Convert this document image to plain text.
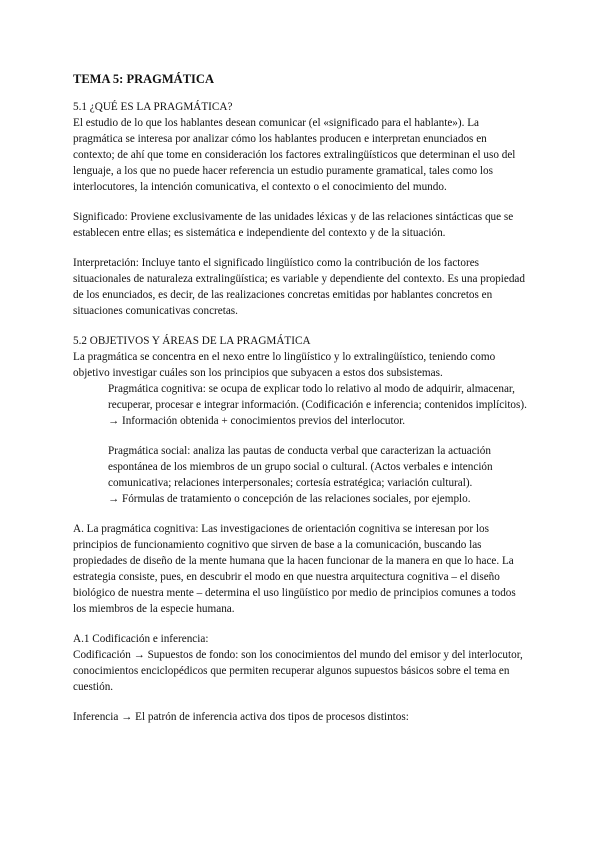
TEMA 5: PRAGMÁTICA

5.1 ¿QUÉ ES LA PRAGMÁTICA?

El estudio de lo que los hablantes desean comunicar (el «significado para el hablante»). La pragmática se interesa por analizar cómo los hablantes producen e interpretan enunciados en contexto; de ahí que tome en consideración los factores extralingüísticos que determinan el uso del lenguaje, a los que no puede hacer referencia un estudio puramente gramatical, tales como los interlocutores, la intención comunicativa, el contexto o el conocimiento del mundo.

Significado: Proviene exclusivamente de las unidades léxicas y de las relaciones sintácticas que se establecen entre ellas; es sistemática e independiente del contexto y de la situación.

Interpretación: Incluye tanto el significado lingüístico como la contribución de los factores situacionales de naturaleza extralingüística; es variable y dependiente del contexto. Es una propiedad de los enunciados, es decir, de las realizaciones concretas emitidas por hablantes concretos en situaciones comunicativas concretas.

5.2 OBJETIVOS Y ÁREAS DE LA PRAGMÁTICA

La pragmática se concentra en el nexo entre lo lingüístico y lo extralingüístico, teniendo como objetivo investigar cuáles son los principios que subyacen a estos dos subsistemas.

Pragmática cognitiva: se ocupa de explicar todo lo relativo al modo de adquirir, almacenar, recuperar, procesar e integrar información. (Codificación e inferencia; contenidos implícitos).

→ Información obtenida + conocimientos previos del interlocutor.

Pragmática social: analiza las pautas de conducta verbal que caracterizan la actuación espontánea de los miembros de un grupo social o cultural. (Actos verbales e intención comunicativa; relaciones interpersonales; cortesía estratégica; variación cultural).

→ Fórmulas de tratamiento o concepción de las relaciones sociales, por ejemplo.

A. La pragmática cognitiva: Las investigaciones de orientación cognitiva se interesan por los principios de funcionamiento cognitivo que sirven de base a la comunicación, buscando las propiedades de diseño de la mente humana que la hacen funcionar de la manera en que lo hace. La estrategia consiste, pues, en descubrir el modo en que nuestra arquitectura cognitiva – el diseño biológico de nuestra mente – determina el uso lingüístico por medio de principios comunes a todos los miembros de la especie humana.

A.1 Codificación e inferencia:

Codificación → Supuestos de fondo: son los conocimientos del mundo del emisor y del interlocutor, conocimientos enciclopédicos que permiten recuperar algunos supuestos básicos sobre el tema en cuestión.

Inferencia → El patrón de inferencia activa dos tipos de procesos distintos:
